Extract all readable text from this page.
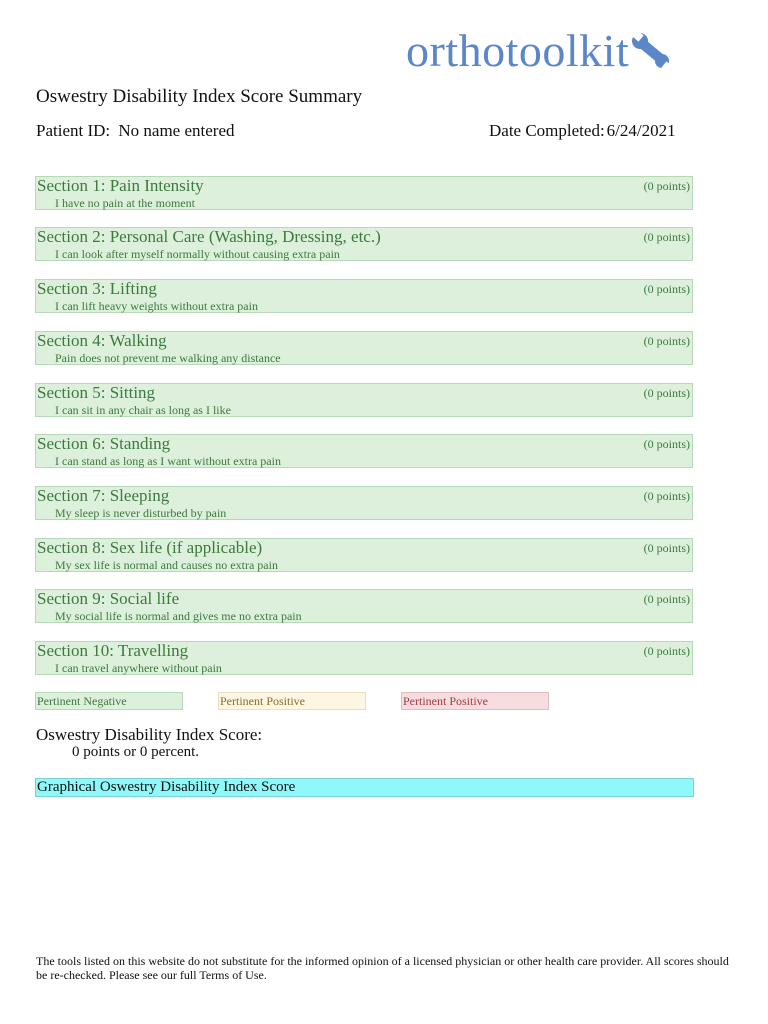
orthotoolkit
Oswestry Disability Index Score Summary
Patient ID: No name entered	Date Completed: 6/24/2021
Section 1: Pain Intensity	(0 points)
I have no pain at the moment
Section 2: Personal Care (Washing, Dressing, etc.)	(0 points)
I can look after myself normally without causing extra pain
Section 3: Lifting	(0 points)
I can lift heavy weights without extra pain
Section 4: Walking	(0 points)
Pain does not prevent me walking any distance
Section 5: Sitting	(0 points)
I can sit in any chair as long as I like
Section 6: Standing	(0 points)
I can stand as long as I want without extra pain
Section 7: Sleeping	(0 points)
My sleep is never disturbed by pain
Section 8: Sex life (if applicable)	(0 points)
My sex life is normal and causes no extra pain
Section 9: Social life	(0 points)
My social life is normal and gives me no extra pain
Section 10: Travelling	(0 points)
I can travel anywhere without pain
Pertinent Negative	Pertinent Positive	Pertinent Positive
Oswestry Disability Index Score:
0 points or 0 percent.
Graphical Oswestry Disability Index Score
The tools listed on this website do not substitute for the informed opinion of a licensed physician or other health care provider. All scores should be re-checked. Please see our full Terms of Use.
